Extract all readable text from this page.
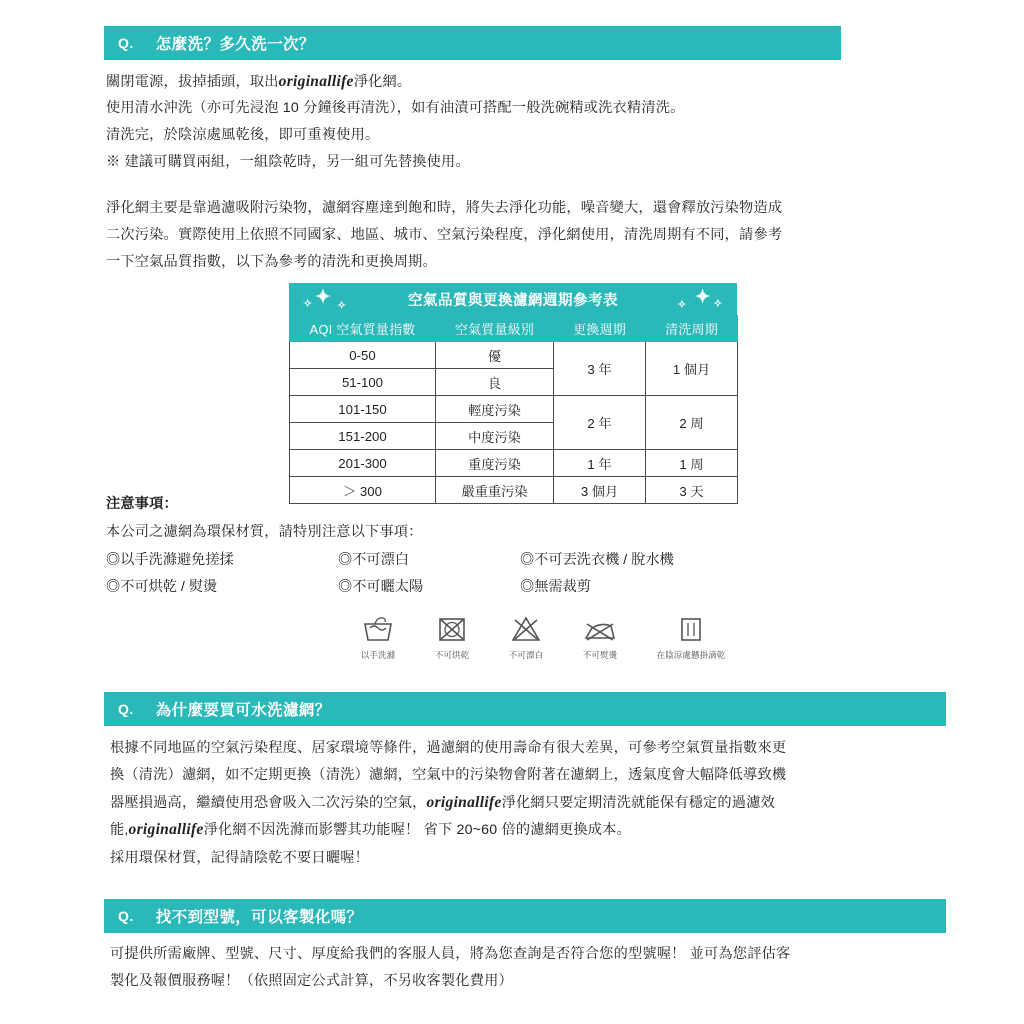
Q. 怎麼洗？多久洗一次？
關閉電源，拔掉插頭，取出originallife淨化網。
使用清水沖洗（亦可先浸泡 10 分鐘後再清洗），如有油漬可搭配一般洗碗精或洗衣精清洗。
清洗完，於陰涼處風乾後，即可重複使用。
※ 建議可購買兩組，一組陰乾時，另一組可先替換使用。
淨化網主要是靠過濾吸附污染物，濾網容塵達到飽和時，將失去淨化功能，噪音變大，還會釋放污染物造成
二次污染。實際使用上依照不同國家、地區、城市、空氣污染程度，淨化網使用，清洗周期有不同，請參考
一下空氣品質指數，以下為參考的清洗和更換周期。
✦
✧ ✧	✦ ✧
✧
空氣品質與更換濾網週期參考表
AQI 空氣質量指數	空氣質量級別	更換週期	清洗周期
0-50	優	3 年	1 個月
51-100	良		
101-150	輕度污染	2 年	2 周
151-200	中度污染		
201-300	重度污染	1 年	1 周
＞ 300	嚴重重污染	3 個月	3 天
注意事項：
本公司之濾網為環保材質，請特別注意以下事項：
◎以手洗滌避免搓揉	◎不可漂白	◎不可丟洗衣機 / 脫水機
◎不可烘乾 / 熨燙	◎不可曬太陽	◎無需裁剪
以手洗滌	不可烘乾	不可漂白	不可熨燙	在陰涼處懸掛滴乾
Q. 為什麼要買可水洗濾網？
根據不同地區的空氣污染程度、居家環境等條件，過濾網的使用壽命有很大差異，可參考空氣質量指數來更
換（清洗）濾網，如不定期更換（清洗）濾網，空氣中的污染物會附著在濾網上，透氣度會大幅降低導致機
器壓損過高，繼續使用恐會吸入二次污染的空氣，originallife淨化網只要定期清洗就能保有穩定的過濾效
能,originallife淨化網不因洗滌而影響其功能喔！ 省下 20~60 倍的濾網更換成本。
採用環保材質，記得請陰乾不要日曬喔！
Q. 找不到型號，可以客製化嗎？
可提供所需廠牌、型號、尺寸、厚度給我們的客服人員，將為您查詢是否符合您的型號喔！ 並可為您評估客
製化及報價服務喔！（依照固定公式計算，不另收客製化費用）
